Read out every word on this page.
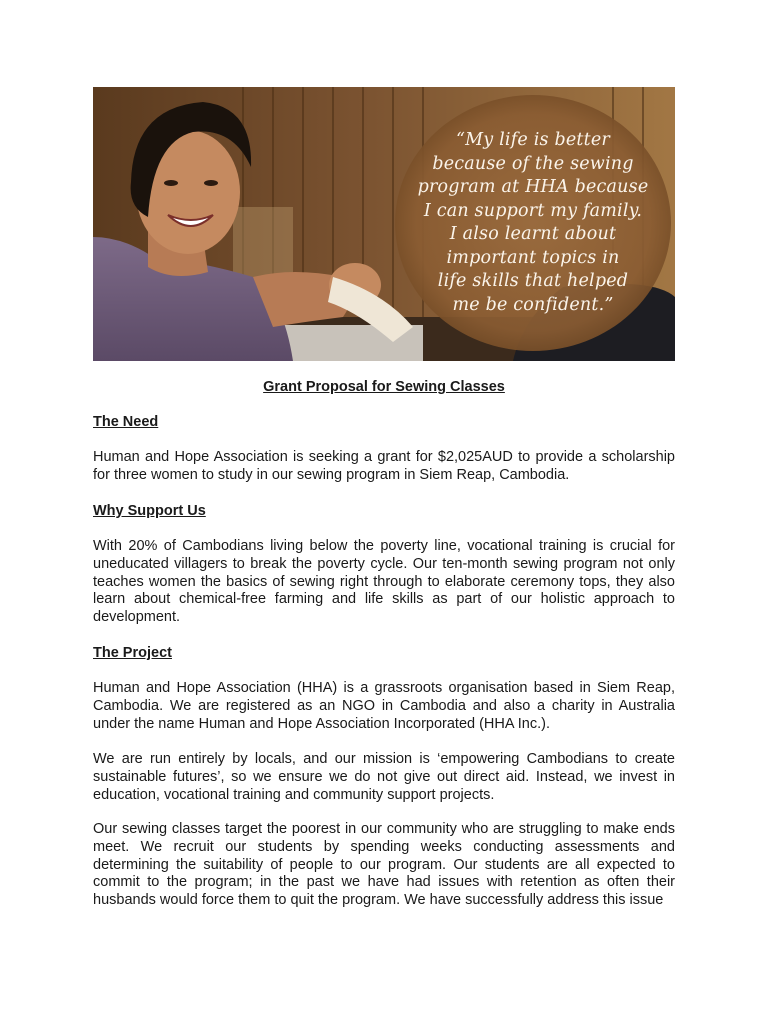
“My life is better
because of the sewing
program at HHA because
I can support my family.
I also learnt about
important topics in
life skills that helped
me be confident.”
Grant Proposal for Sewing Classes
The Need

Human and Hope Association is seeking a grant for $2,025AUD to provide a scholarship for three women to study in our sewing program in Siem Reap, Cambodia.

Why Support Us

With 20% of Cambodians living below the poverty line, vocational training is crucial for uneducated villagers to break the poverty cycle. Our ten-month sewing program not only teaches women the basics of sewing right through to elaborate ceremony tops, they also learn about chemical-free farming and life skills as part of our holistic approach to development.

The Project

Human and Hope Association (HHA) is a grassroots organisation based in Siem Reap, Cambodia. We are registered as an NGO in Cambodia and also a charity in Australia under the name Human and Hope Association Incorporated (HHA Inc.).

We are run entirely by locals, and our mission is ‘empowering Cambodians to create sustainable futures’, so we ensure we do not give out direct aid. Instead, we invest in education, vocational training and community support projects.

Our sewing classes target the poorest in our community who are struggling to make ends meet. We recruit our students by spending weeks conducting assessments and determining the suitability of people to our program. Our students are all expected to commit to the program; in the past we have had issues with retention as often their husbands would force them to quit the program. We have successfully address this issue
